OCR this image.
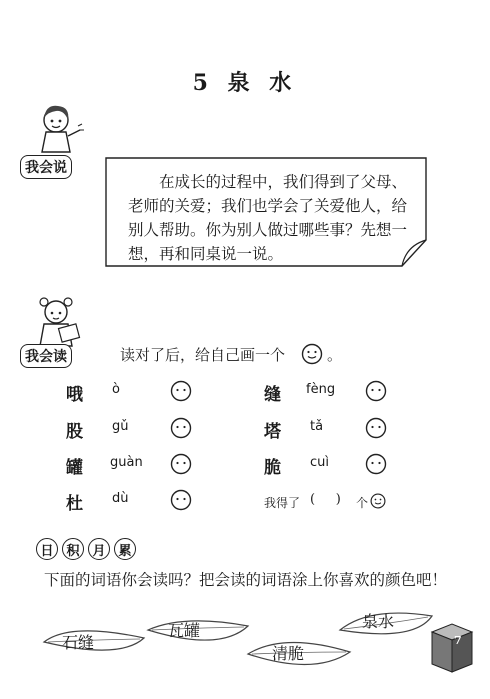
5 泉 水
我会说
在成长的过程中，我们得到了父母、老师的关爱；我们也学会了关爱他人，给别人帮助。你为别人做过哪些事？先想一想，再和同桌说一说。
我会读	读对了后，给自己画一个	。
哦 ò
股 gǔ
罐 guàn
杜 dù
缝 fèng
塔 tǎ
脆 cuì
我得了 (     ) 个
日 积 月 累
下面的词语你会读吗？把会读的词语涂上你喜欢的颜色吧！
石缝
瓦罐
清脆
泉水
7
